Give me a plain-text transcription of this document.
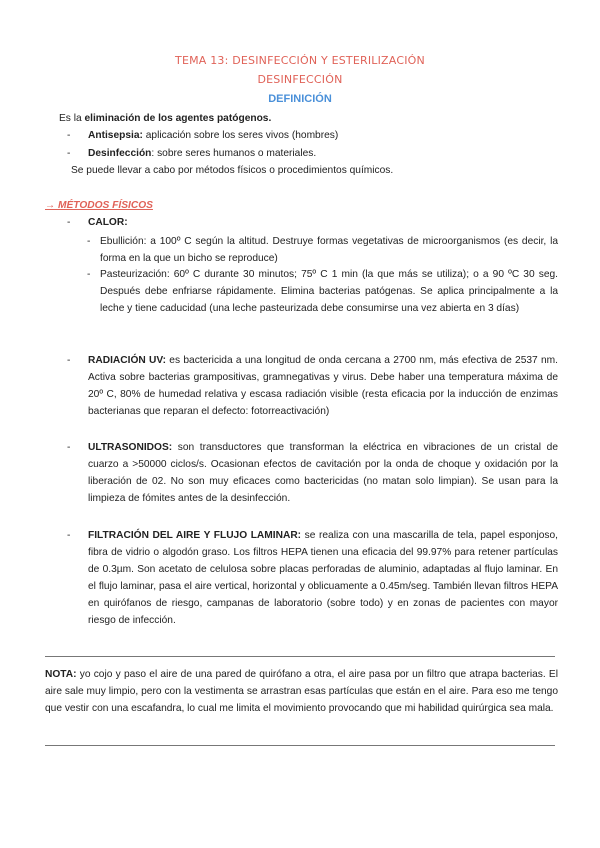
TEMA 13: DESINFECCIÓN Y ESTERILIZACIÓN
DESINFECCIÓN
DEFINICIÓN
Es la eliminación de los agentes patógenos.
- Antisepsia: aplicación sobre los seres vivos (hombres)
- Desinfección: sobre seres humanos o materiales.
Se puede llevar a cabo por métodos físicos o procedimientos químicos.
→ MÉTODOS FÍSICOS
- CALOR:
- Ebullición: a 100º C según la altitud. Destruye formas vegetativas de microorganismos (es decir, la forma en la que un bicho se reproduce)
- Pasteurización: 60º C durante 30 minutos; 75º C 1 min (la que más se utiliza); o a 90 ºC 30 seg. Después debe enfriarse rápidamente. Elimina bacterias patógenas. Se aplica principalmente a la leche y tiene caducidad (una leche pasteurizada debe consumirse una vez abierta en 3 días)
- RADIACIÓN UV: es bactericida a una longitud de onda cercana a 2700 nm, más efectiva de 2537 nm. Activa sobre bacterias grampositivas, gramnegativas y virus. Debe haber una temperatura máxima de 20º C, 80% de humedad relativa y escasa radiación visible (resta eficacia por la inducción de enzimas bacterianas que reparan el defecto: fotorreactivación)
- ULTRASONIDOS: son transductores que transforman la eléctrica en vibraciones de un cristal de cuarzo a >50000 ciclos/s. Ocasionan efectos de cavitación por la onda de choque y oxidación por la liberación de 02. No son muy eficaces como bactericidas (no matan solo limpian). Se usan para la limpieza de fómites antes de la desinfección.
- FILTRACIÓN DEL AIRE Y FLUJO LAMINAR: se realiza con una mascarilla de tela, papel esponjoso, fibra de vidrio o algodón graso. Los filtros HEPA tienen una eficacia del 99.97% para retener partículas de 0.3µm. Son acetato de celulosa sobre placas perforadas de aluminio, adaptadas al flujo laminar. En el flujo laminar, pasa el aire vertical, horizontal y oblicuamente a 0.45m/seg. También llevan filtros HEPA en quirófanos de riesgo, campanas de laboratorio (sobre todo) y en zonas de pacientes con mayor riesgo de infección.
NOTA: yo cojo y paso el aire de una pared de quirófano a otra, el aire pasa por un filtro que atrapa bacterias. El aire sale muy limpio, pero con la vestimenta se arrastran esas partículas que están en el aire. Para eso me tengo que vestir con una escafandra, lo cual me limita el movimiento provocando que mi habilidad quirúrgica sea mala.
